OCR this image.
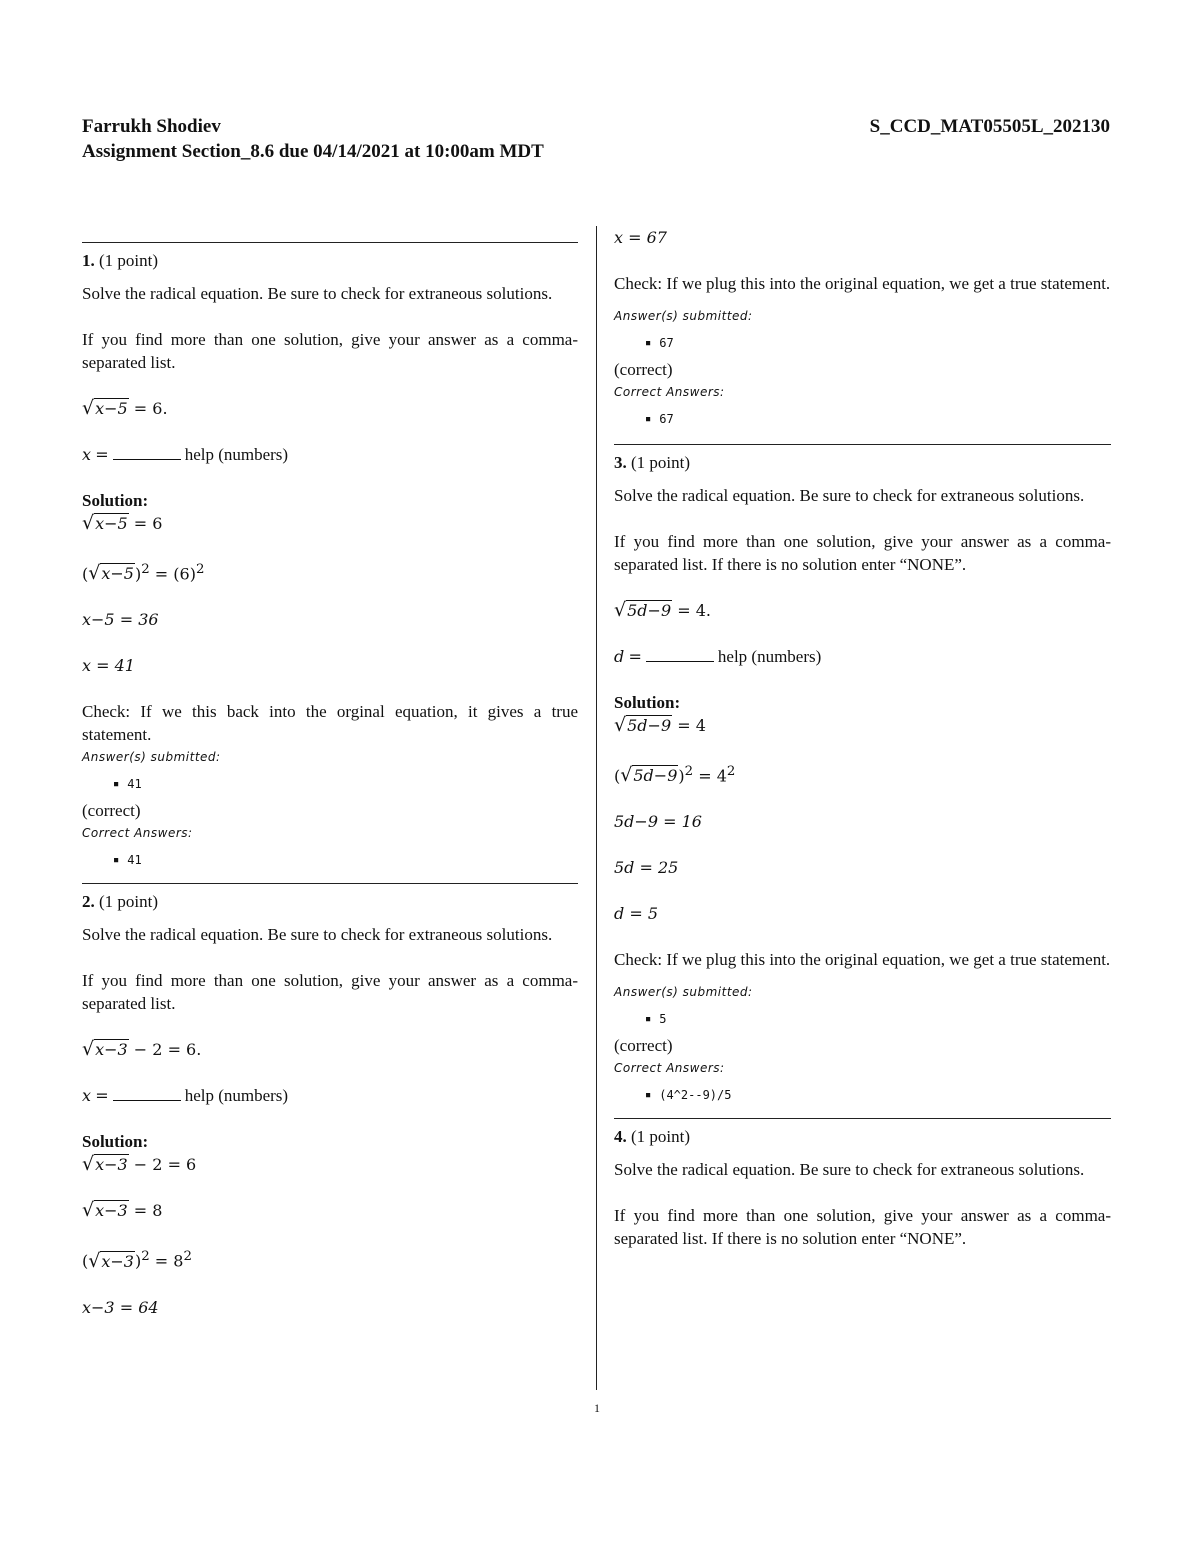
Farrukh Shodiev	S_CCD_MAT05505L_202130
Assignment Section_8.6 due 04/14/2021 at 10:00am MDT
1. (1 point)

Solve the radical equation. Be sure to check for extraneous solutions.

If you find more than one solution, give your answer as a comma-separated list.

√x−5 = 6.
x =	help (numbers)
Solution:
√x−5 = 6
$(√x-5)^2 = (6)^2$
x−5 = 36
x = 41

Check: If we this back into the orginal equation, it gives a true statement.

Answer(s) submitted:
■ 41
(correct)
Correct Answers:
■ 41
2. (1 point)

Solve the radical equation. Be sure to check for extraneous solutions.

If you find more than one solution, give your answer as a comma-separated list.

√x−3 − 2 = 6.
x =	help (numbers)
Solution:
√x−3 − 2 = 6
√x−3 = 8
$(√x-3)^2 = 8^2$
x−3 = 64
x = 67

Check: If we plug this into the original equation, we get a true statement.

Answer(s) submitted:
■ 67
(correct)
Correct Answers:
■ 67
3. (1 point)

Solve the radical equation. Be sure to check for extraneous solutions.

If you find more than one solution, give your answer as a comma-separated list. If there is no solution enter “NONE”.

√5d−9 = 4.
d =	help (numbers)
Solution:
√5d−9 = 4
$(√5d-9)^2 = 4^2$
5d−9 = 16
5d = 25
d = 5

Check: If we plug this into the original equation, we get a true statement.

Answer(s) submitted:
■ 5
(correct)
Correct Answers:
■ (4^2--9)/5
4. (1 point)

Solve the radical equation. Be sure to check for extraneous solutions.

If you find more than one solution, give your answer as a comma-separated list. If there is no solution enter “NONE”.

1
